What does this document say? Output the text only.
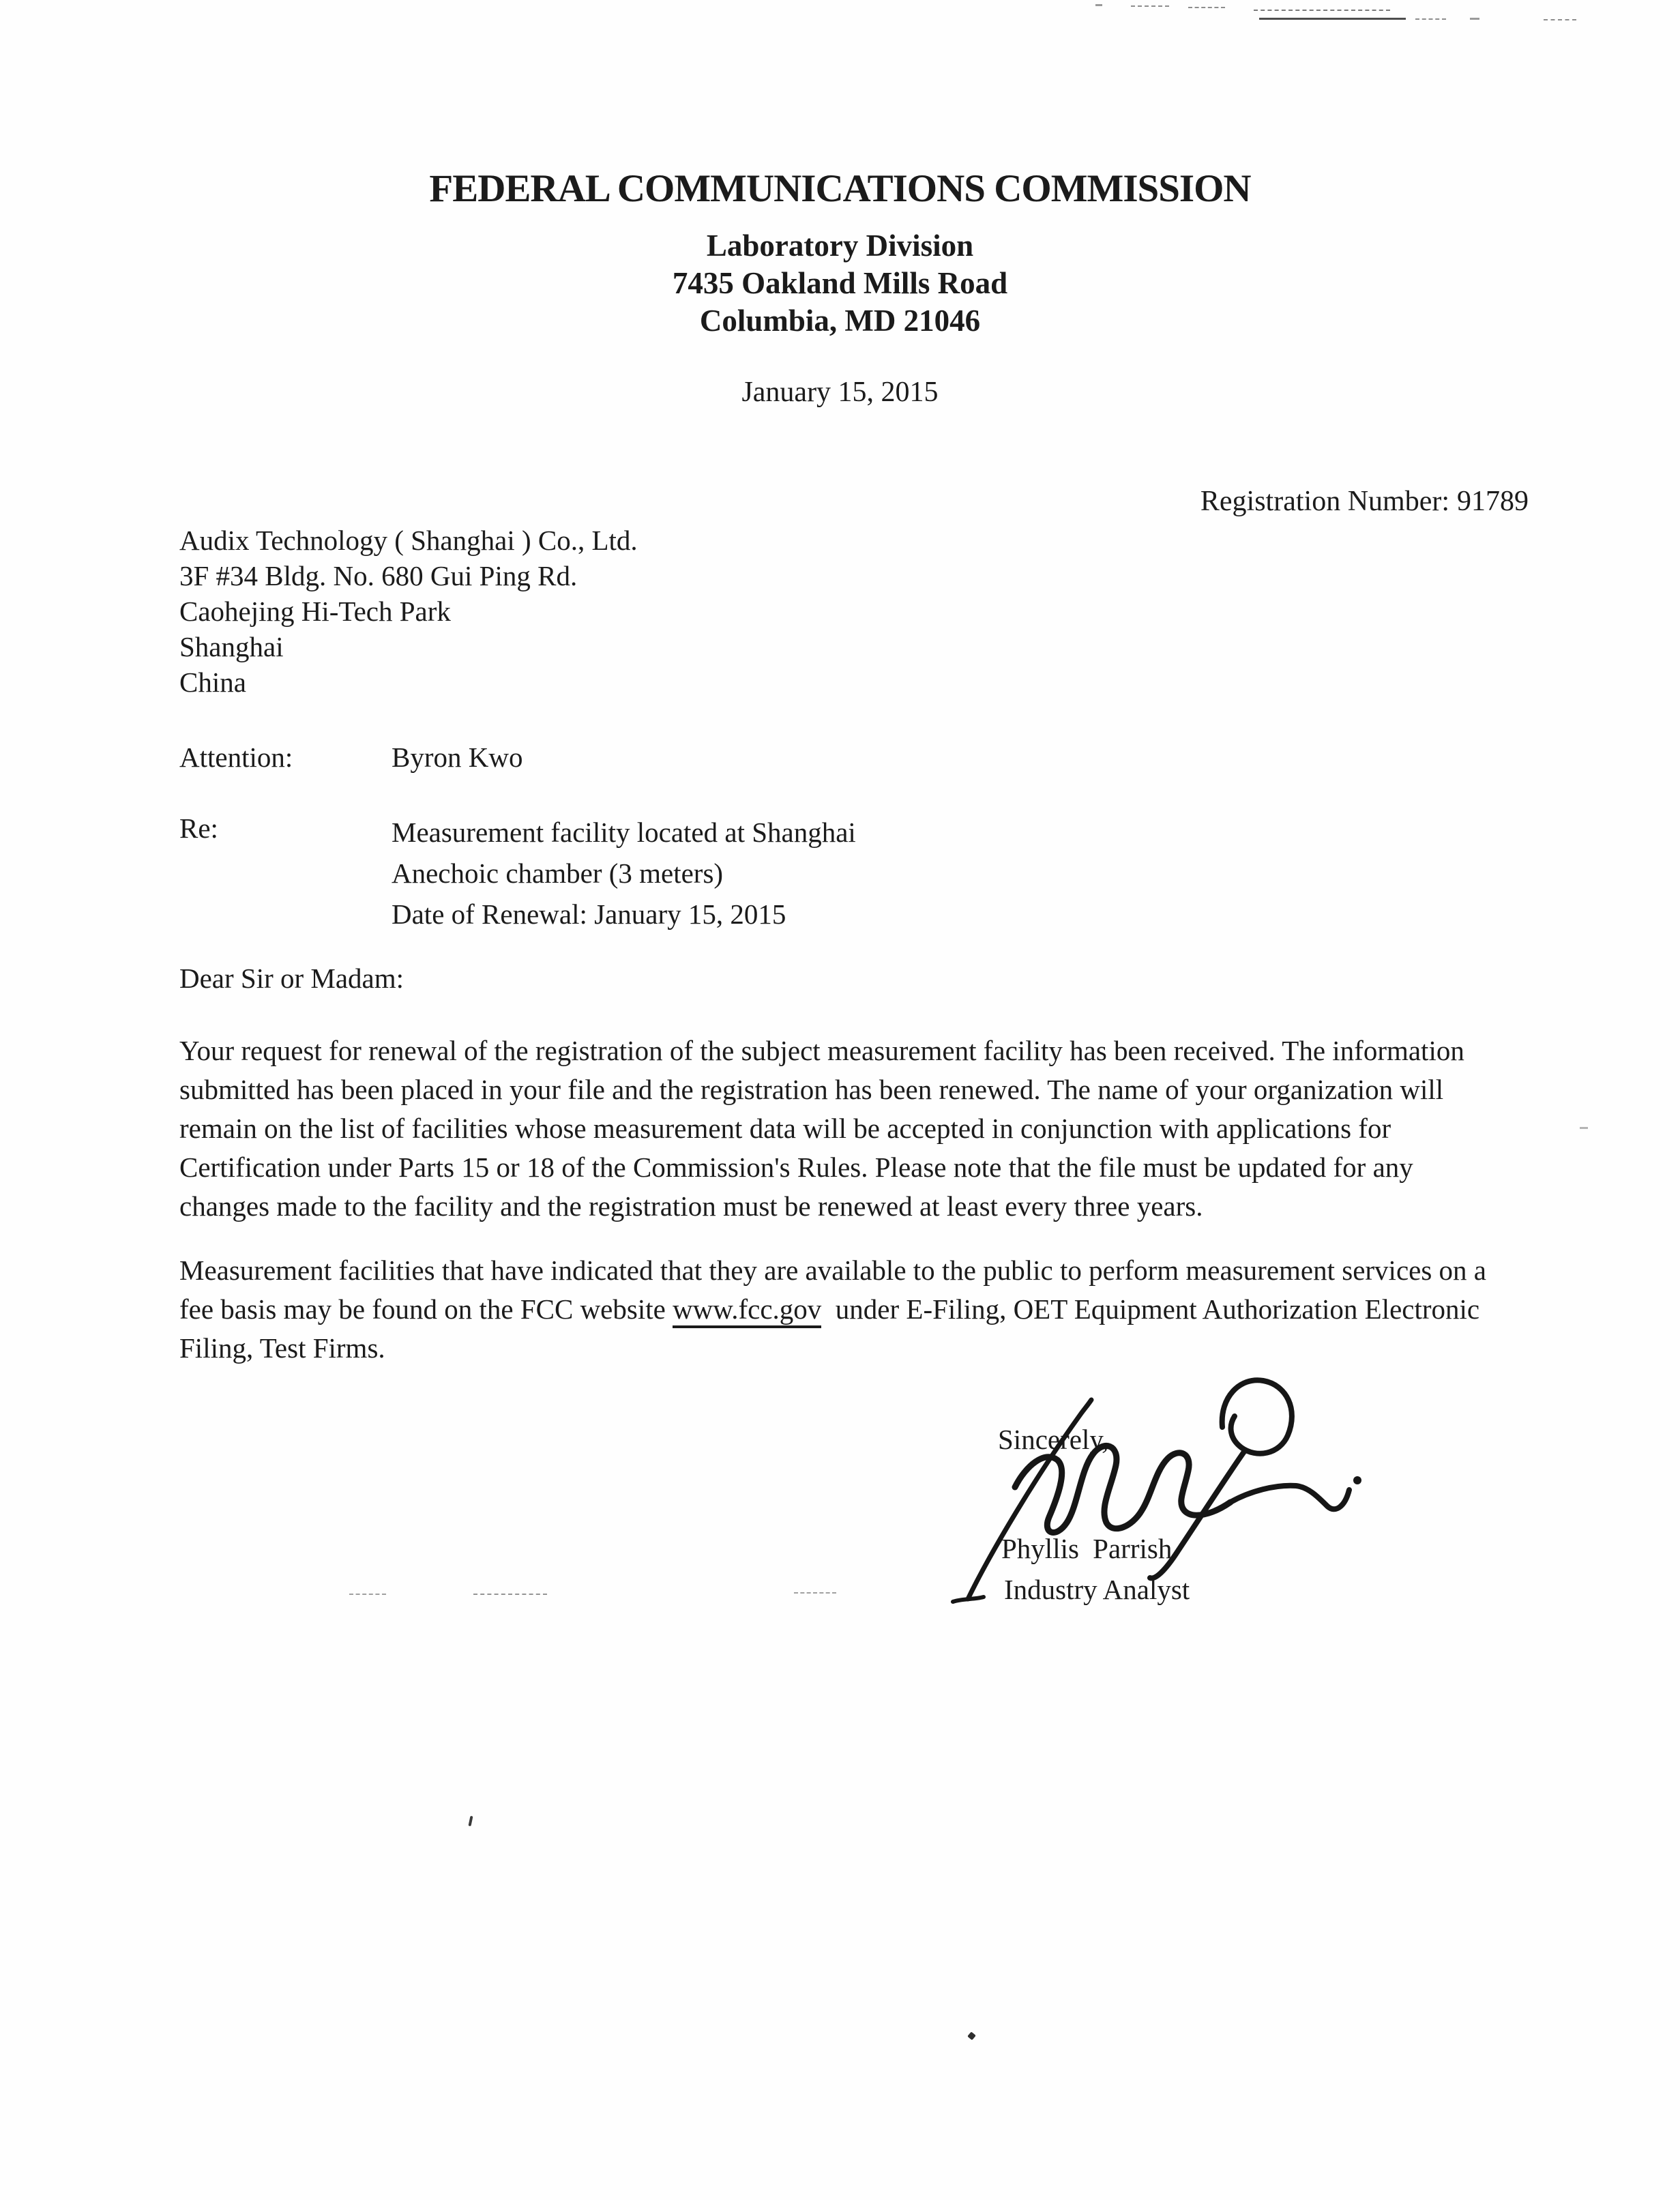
FEDERAL COMMUNICATIONS COMMISSION
Laboratory Division
7435 Oakland Mills Road
Columbia, MD 21046
January 15, 2015
Registration Number: 91789
Audix Technology ( Shanghai ) Co., Ltd.
3F #34 Bldg. No. 680 Gui Ping Rd.
Caohejing Hi-Tech Park
Shanghai
China
Attention:	Byron Kwo
Re:	Measurement facility located at Shanghai
Anechoic chamber (3 meters)
Date of Renewal: January 15, 2015
Dear Sir or Madam:
Your request for renewal of the registration of the subject measurement facility has been received. The information
submitted has been placed in your file and the registration has been renewed. The name of your organization will
remain on the list of facilities whose measurement data will be accepted in conjunction with applications for
Certification under Parts 15 or 18 of the Commission's Rules. Please note that the file must be updated for any
changes made to the facility and the registration must be renewed at least every three years.
Measurement facilities that have indicated that they are available to the public to perform measurement services on a
fee basis may be found on the FCC website www.fcc.gov  under E-Filing, OET Equipment Authorization Electronic
Filing, Test Firms.
Sincerely,
Phyllis Parrish
Industry Analyst
